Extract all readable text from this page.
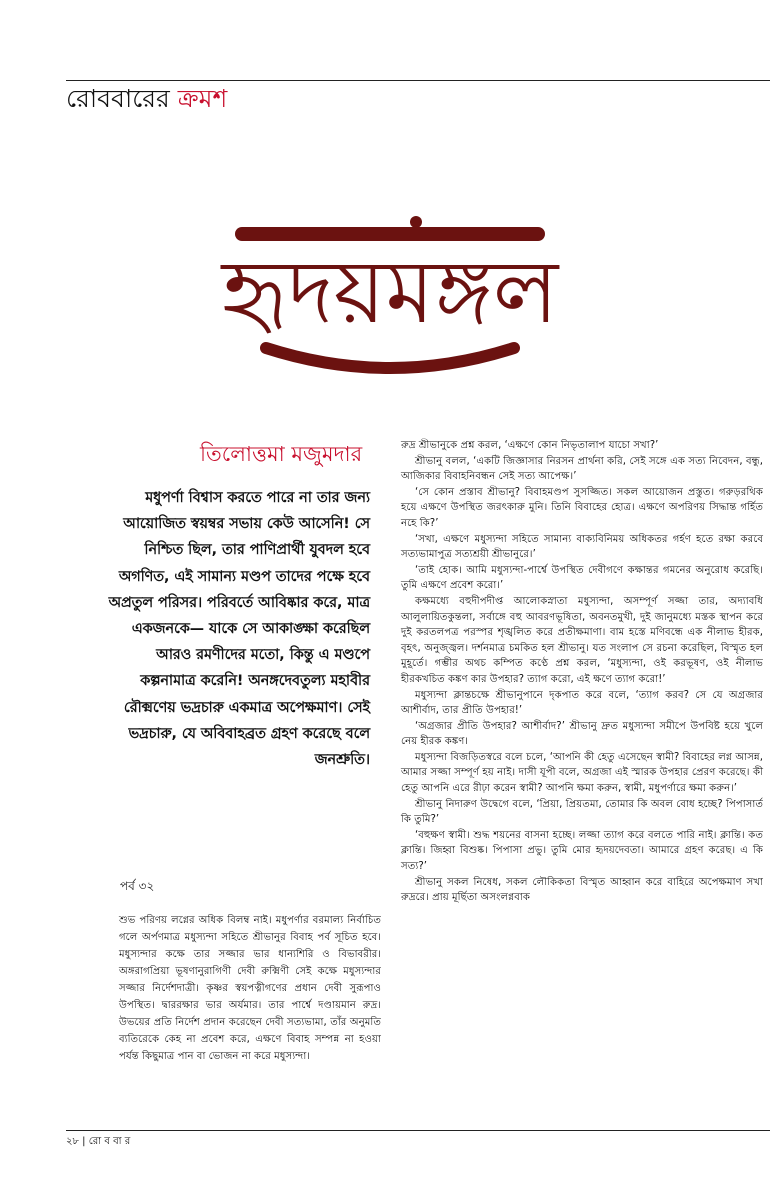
রোববারের ক্রমশ
হৃদয়মঙ্গল
তিলোত্তমা মজুমদার
মধুপর্ণা বিশ্বাস করতে পারে না তার জন্য আয়োজিত স্বয়ম্বর সভায় কেউ আসেনি! সে নিশ্চিত ছিল, তার পাণিপ্রার্থী যুবদল হবে অগণিত, এই সামান্য মণ্ডপ তাদের পক্ষে হবে অপ্রতুল পরিসর। পরিবর্তে আবিষ্কার করে, মাত্র একজনকে— যাকে সে আকাঙ্ক্ষা করেছিল আরও রমণীদের মতো, কিন্তু এ মণ্ডপে কল্পনামাত্র করেনি! অনঙ্গদেবতুল্য মহাবীর রৌক্মণেয় ভদ্রচারু একমাত্র অপেক্ষমাণ। সেই ভদ্রচারু, যে অবিবাহব্রত গ্রহণ করেছে বলে জনশ্রুতি।
পর্ব ৩২
শুভ পরিণয় লগ্নের অধিক বিলম্ব নাই। মধুপর্ণার বরমাল্য নির্বাচিত গলে অর্পণমাত্র মধুস্যন্দা সহিতে শ্রীভানুর বিবাহ পর্ব সূচিত হবে। মধুস্যন্দার কক্ষে তার সজ্জার ভার ধান্যশিরি ও বিভাবরীর। অঙ্গরাগপ্রিয়া ভূষণানুরাগিণী দেবী রুক্মিণী সেই কক্ষে মধুস্যন্দার সজ্জার নির্দেশদাত্রী। কৃষ্ণর স্বয়পত্নীগণের প্রধান দেবী সুরূপাও উপস্থিত। দ্বাররক্ষার ভার অর্যমার। তার পার্শ্বে দণ্ডায়মান রুদ্র। উভয়ের প্রতি নির্দেশ প্রদান করেছেন দেবী সত্যভামা, তাঁর অনুমতি ব্যতিরেকে কেহ না প্রবেশ করে, এক্ষণে বিবাহ সম্পন্ন না হওয়া পর্যন্ত কিছুমাত্র পান বা ভোজন না করে মধুস্যন্দা।

রুদ্র শ্রীভানুকে প্রশ্ন করল, ‘এক্ষণে কোন নিভৃতালাপ যাচো সখা?’

শ্রীভানু বলল, ‘একটি জিজ্ঞাসার নিরসন প্রার্থনা করি, সেই সঙ্গে এক সত্য নিবেদন, বন্ধু, আজিকার বিবাহনিবন্ধন সেই সত্য আপেক্ষ।’

‘সে কোন প্রস্তাব শ্রীভানু? বিবাহমণ্ডপ সুসজ্জিত। সকল আয়োজন প্রস্তুত। গরুড়রথিক হয়ে এক্ষণে উপস্থিত জরৎকারু মুনি। তিনি বিবাহের হোত্র। এক্ষণে অপরিণয় সিদ্ধান্ত গর্হিত নহে কি?’

‘সখা, এক্ষণে মধুস্যন্দা সহিতে সামান্য বাক্যবিনিময় অধিকতর গর্হণ হতে রক্ষা করবে সত্যভামাপুত্র সত্যশ্রয়ী শ্রীভানুরে।’

‘তাই হোক। আমি মধুস্যন্দা-পার্শ্বে উপস্থিত দেবীগণে কক্ষান্তর গমনের অনুরোধ করেছি। তুমি এক্ষণে প্রবেশ করো।’

কক্ষমধ্যে বহুদীপদীপ্ত আলোকস্নাতা মধুস্যন্দা, অসম্পূর্ণ সজ্জা তার, অদ্যাবধি আলুলায়িতকুন্তলা, সর্বাঙ্গে বহু আবরণভূষিতা, অবনতমুখী, দুই জানুমধ্যে মস্তক স্থাপন করে দুই করতলপত্র পরস্পর শৃঙ্খলিত করে প্রতীক্ষমাণা। বাম হস্তে মণিবন্ধে এক নীলাভ হীরক, বৃহৎ, অনুজ্জ্বল। দর্শনমাত্র চমকিত হল শ্রীভানু। যত সংলাপ সে রচনা করেছিল, বিস্মৃত হল মুহূর্তে। গম্ভীর অথচ কম্পিত কণ্ঠে প্রশ্ন করল, ‘মধুস্যন্দা, ওই করভূষণ, ওই নীলাভ হীরকখচিত কঙ্কণ কার উপহার? ত্যাগ করো, এই ক্ষণে ত্যাগ করো!’

মধুস্যন্দা ক্লান্তচক্ষে শ্রীভানুপানে দৃকপাত করে বলে, ‘ত্যাগ করব? সে যে অগ্রজার আশীর্বাদ, তার প্রীতি উপহার!’

‘অগ্রজার প্রীতি উপহার? আশীর্বাদ?’ শ্রীভানু দ্রুত মধুস্যন্দা সমীপে উপবিষ্ট হয়ে খুলে নেয় হীরক কঙ্কণ।

মধুস্যন্দা বিজড়িতস্বরে বলে চলে, ‘আপনি কী হেতু এসেছেন স্বামী? বিবাহের লগ্ন আসন্ন, আমার সজ্জা সম্পূর্ণ হয় নাই। দাসী যূপী বলে, অগ্রজা এই স্মারক উপহার প্রেরণ করেছে। কী হেতু আপনি এরে রীঢ়া করেন স্বামী? আপনি ক্ষমা করুন, স্বামী, মধুপর্ণারে ক্ষমা করুন।’

শ্রীভানু নিদারুণ উদ্বেগে বলে, ‘প্রিয়া, প্রিয়তমা, তোমার কি অবল বোধ হচ্ছে? পিপাসার্ত কি তুমি?’

‘বহুক্ষণ স্বামী। শুদ্ধ শয়নের বাসনা হচ্ছে। লজ্জা ত্যাগ করে বলতে পারি নাই। ক্লান্তি। কত ক্লান্তি। জিহ্বা বিশুষ্ক। পিপাসা প্রভু। তুমি মোর হৃদয়দেবতা। আমারে গ্রহণ করেছ। এ কি সত্য?’

শ্রীভানু সকল নিষেধ, সকল লৌকিকতা বিস্মৃত আহ্বান করে বাহিরে অপেক্ষমাণ সখা রুদ্ররে। প্রায় মূর্ছিতা অসংলগ্নবাক

২৮ | রো ব বা র
